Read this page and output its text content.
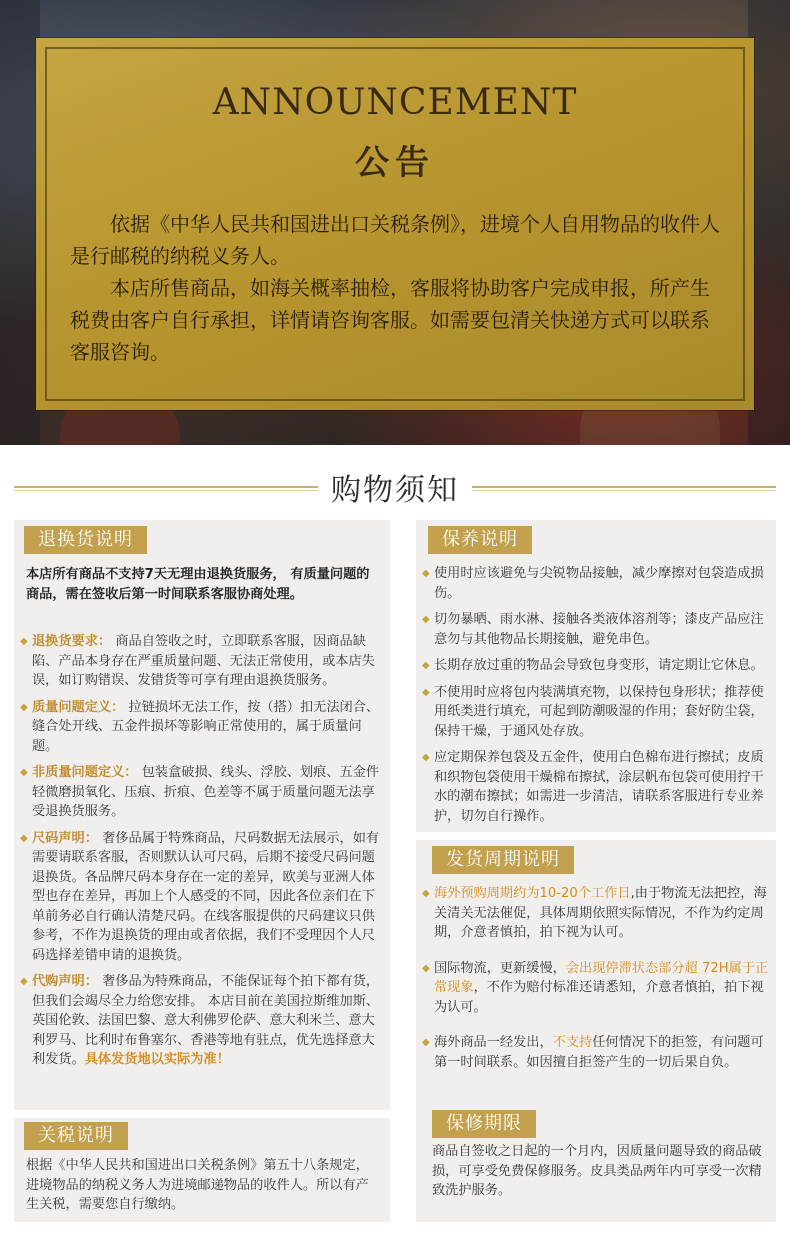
ANNOUNCEMENT
公告

依据《中华人民共和国进出口关税条例》，进境个人自用物品的收件人是行邮税的纳税义务人。

本店所售商品，如海关概率抽检，客服将协助客户完成申报，所产生税费由客户自行承担，详情请咨询客服。如需要包清关快递方式可以联系客服咨询。

购物须知
退换货说明
本店所有商品不支持7天无理由退换货服务， 有质量问题的商品，需在签收后第一时间联系客服协商处理。
◆ 退换货要求： 商品自签收之时，立即联系客服，因商品缺陷、产品本身存在严重质量问题、无法正常使用，或本店失误，如订购错误、发错货等可享有理由退换货服务。
◆ 质量问题定义： 拉链损坏无法工作，按（搭）扣无法闭合、缝合处开线、五金件损坏等影响正常使用的，属于质量问题。
◆ 非质量问题定义： 包装盒破损、线头、浮胶、划痕、五金件轻微磨损氧化、压痕、折痕、色差等不属于质量问题无法享受退换货服务。
◆ 尺码声明： 奢侈品属于特殊商品，尺码数据无法展示，如有需要请联系客服，否则默认认可尺码，后期不接受尺码问题退换货。各品牌尺码本身存在一定的差异，欧美与亚洲人体型也存在差异，再加上个人感受的不同，因此各位亲们在下单前务必自行确认清楚尺码。在线客服提供的尺码建议只供参考，不作为退换货的理由或者依据，我们不受理因个人尺码选择差错申请的退换货。
◆ 代购声明： 奢侈品为特殊商品，不能保证每个拍下都有货，但我们会竭尽全力给您安排。 本店目前在美国拉斯维加斯、英国伦敦、法国巴黎、意大利佛罗伦萨、意大利米兰、意大利罗马、比利时布鲁塞尔、香港等地有驻点，优先选择意大利发货。具体发货地以实际为准！
关税说明
根据《中华人民共和国进出口关税条例》第五十八条规定，进境物品的纳税义务人为进境邮递物品的收件人。所以有产生关税，需要您自行缴纳。
保养说明
◆ 使用时应该避免与尖锐物品接触，减少摩擦对包袋造成损伤。
◆ 切勿暴晒、雨水淋、接触各类液体溶剂等；漆皮产品应注意勿与其他物品长期接触，避免串色。
◆ 长期存放过重的物品会导致包身变形，请定期让它休息。
◆ 不使用时应将包内装满填充物，以保持包身形状；推荐使用纸类进行填充，可起到防潮吸湿的作用；套好防尘袋，保持干燥，于通风处存放。
◆ 应定期保养包袋及五金件，使用白色棉布进行擦拭；皮质和织物包袋使用干燥棉布擦拭，涂层帆布包袋可使用拧干水的潮布擦拭；如需进一步清洁，请联系客服进行专业养护，切勿自行操作。
发货周期说明
◆ 海外预购周期约为10-20个工作日,由于物流无法把控，海关清关无法催促，具体周期依照实际情况，不作为约定周期，介意者慎拍，拍下视为认可。
◆ 国际物流，更新缓慢，会出现停滞状态部分超 72H属于正常现象，不作为赔付标准还请悉知，介意者慎拍，拍下视为认可。
◆ 海外商品一经发出，不支持任何情况下的拒签，有问题可第一时间联系。如因擅自拒签产生的一切后果自负。
保修期限
商品自签收之日起的一个月内，因质量问题导致的商品破损，可享受免费保修服务。皮具类品两年内可享受一次精致洗护服务。
